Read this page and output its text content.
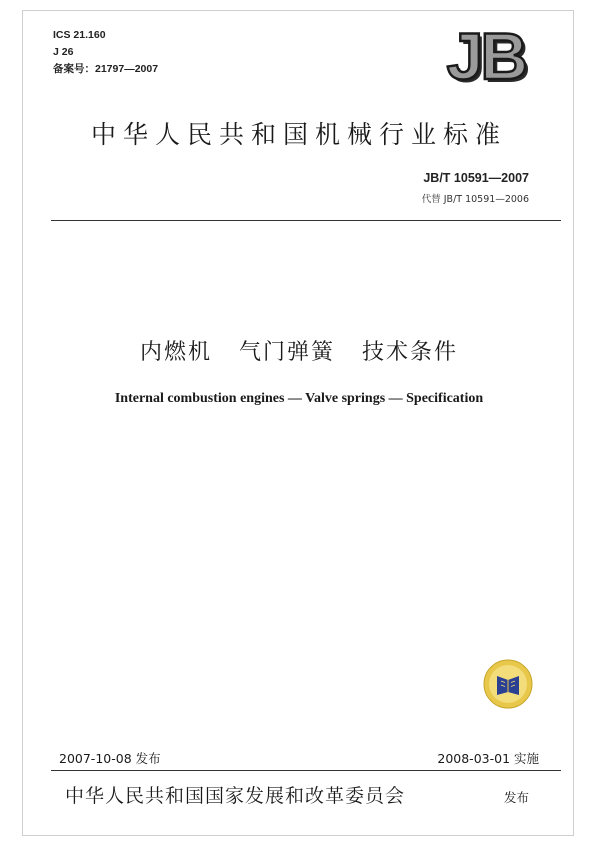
ICS 21.160
J 26
备案号：21797—2007	JB
中华人民共和国机械行业标准
JB/T 10591—2007
代替 JB/T 10591—2006
内燃机   气门弹簧   技术条件
Internal combustion engines — Valve springs — Specification
2007-10-08 发布	2008-03-01 实施
中华人民共和国国家发展和改革委员会	发布
